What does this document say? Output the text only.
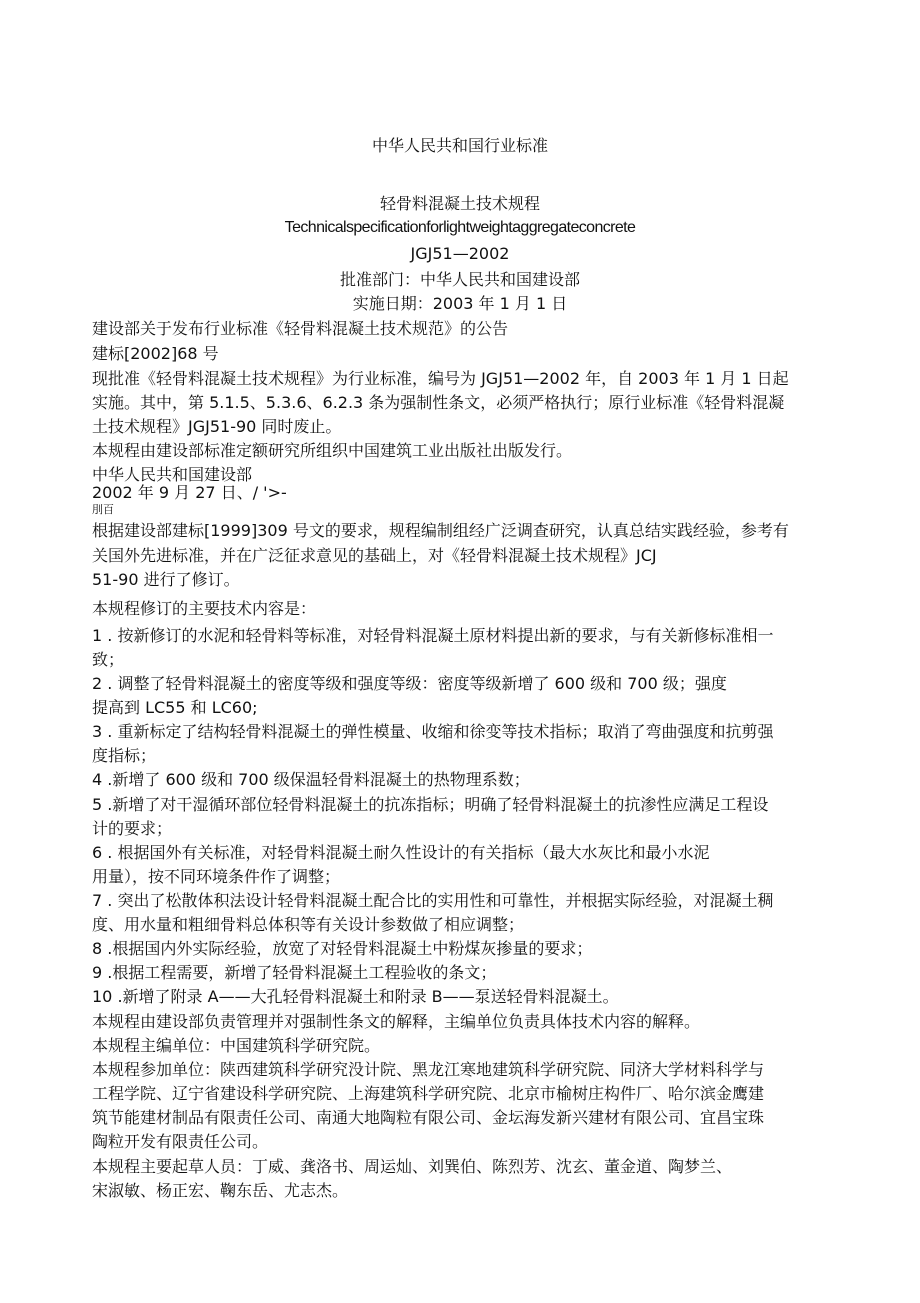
中华人民共和国行业标准
轻骨料混凝土技术规程
Technicalspecificationforlightweightaggregateconcrete
JGJ51—2002
批准部门：中华人民共和国建设部
实施日期：2003 年 1 月 1 日
建设部关于发布行业标准《轻骨料混凝土技术规范》的公告
建标[2002]68 号
现批准《轻骨料混凝土技术规程》为行业标准，编号为 JGJ51—2002 年，自 2003 年 1 月 1 日起
实施。其中，第 5.1.5、5.3.6、6.2.3 条为强制性条文，必须严格执行；原行业标准《轻骨料混凝
土技术规程》JGJ51-90 同时废止。
本规程由建设部标准定额研究所组织中国建筑工业出版社出版发行。
中华人民共和国建设部
2002 年 9 月 27 日、/ '>-
刖百
根据建设部建标[1999]309 号文的要求，规程编制组经广泛调查研究，认真总结实践经验，参考有
关国外先进标准，并在广泛征求意见的基础上，对《轻骨料混凝土技术规程》JCJ
51-90 进行了修订。
本规程修订的主要技术内容是：
1 . 按新修订的水泥和轻骨料等标准，对轻骨料混凝土原材料提出新的要求，与有关新修标准相一
致；
2 . 调整了轻骨料混凝土的密度等级和强度等级：密度等级新增了 600 级和 700 级；强度
提高到 LC55 和 LC60;
3 . 重新标定了结构轻骨料混凝土的弹性模量、收缩和徐变等技术指标；取消了弯曲强度和抗剪强
度指标；
4 .新增了 600 级和 700 级保温轻骨料混凝土的热物理系数；
5 .新增了对干湿循环部位轻骨料混凝土的抗冻指标；明确了轻骨料混凝土的抗渗性应满足工程设
计的要求；
6 . 根据国外有关标准，对轻骨料混凝土耐久性设计的有关指标（最大水灰比和最小水泥
用量），按不同环境条件作了调整；
7 . 突出了松散体积法设计轻骨料混凝土配合比的实用性和可靠性，并根据实际经验，对混凝土稠
度、用水量和粗细骨料总体积等有关设计参数做了相应调整；
8 .根据国内外实际经验，放宽了对轻骨料混凝土中粉煤灰掺量的要求；
9 .根据工程需要，新增了轻骨料混凝土工程验收的条文；
10 .新增了附录 A——大孔轻骨料混凝土和附录 B——泵送轻骨料混凝土。
本规程由建设部负责管理并对强制性条文的解释，主编单位负责具体技术内容的解释。
本规程主编单位：中国建筑科学研究院。
本规程参加单位：陕西建筑科学研究没计院、黑龙江寒地建筑科学研究院、同济大学材料科学与
工程学院、辽宁省建设科学研究院、上海建筑科学研究院、北京市榆树庄构件厂、哈尔滨金鹰建
筑节能建材制品有限责任公司、南通大地陶粒有限公司、金坛海发新兴建材有限公司、宜昌宝珠
陶粒开发有限责任公司。
本规程主要起草人员：丁威、龚洛书、周运灿、刘巽伯、陈烈芳、沈玄、董金道、陶梦兰、
宋淑敏、杨正宏、鞠东岳、尤志杰。
